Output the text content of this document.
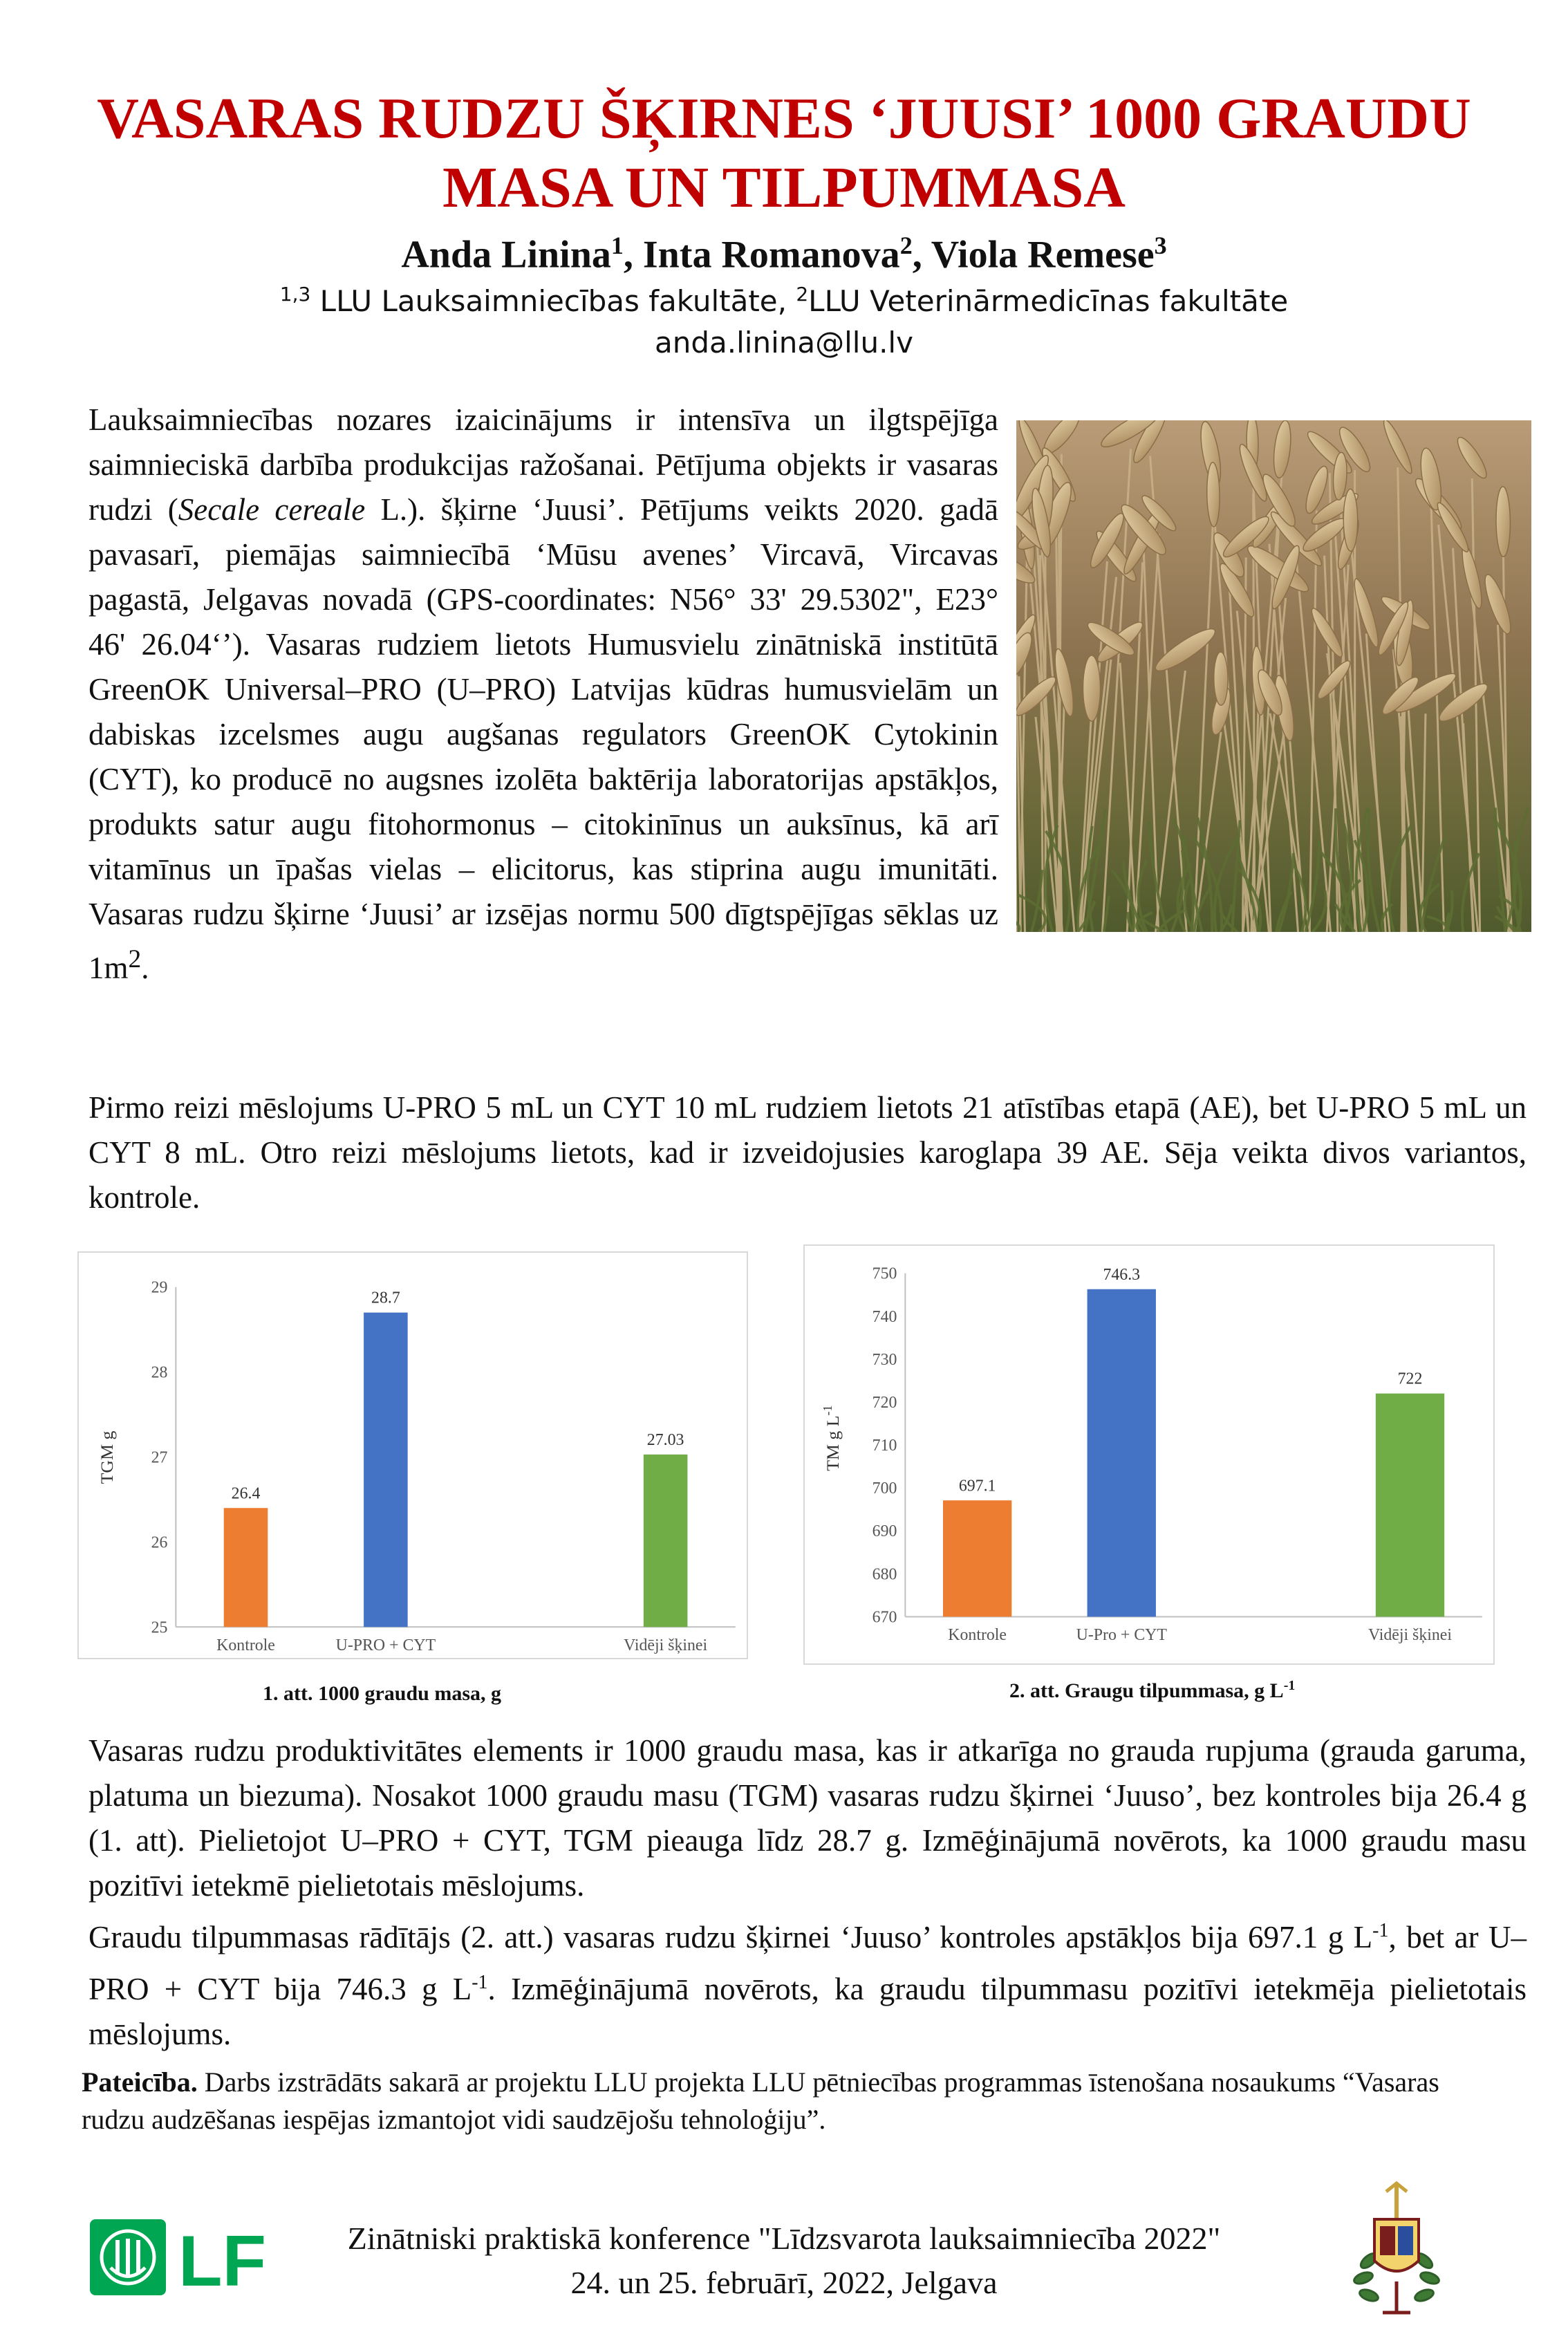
VASARAS RUDZU ŠĶIRNES ‘JUUSI’ 1000 GRAUDU MASA UN TILPUMMASA
Anda Linina$^1$, Inta Romanova$^2$, Viola Remese$^3$
$^{1,3}$ LLU Lauksaimniecības fakultāte, $^2$LLU Veterinārmedicīnas fakultāte
anda.linina@llu.lv

Lauksaimniecības nozares izaicinājums ir intensīva un ilgtspējīga saimnieciskā darbība produkcijas ražošanai. Pētījuma objekts ir vasaras rudzi (Secale cereale L.). šķirne ‘Juusi’. Pētījums veikts 2020. gadā pavasarī, piemājas saimniecībā ‘Mūsu avenes’ Vircavā, Vircavas pagastā, Jelgavas novadā (GPS-coordinates: N56° 33' 29.5302", E23° 46' 26.04‘’). Vasaras rudziem lietots Humusvielu zinātniskā institūtā GreenOK Universal–PRO (U–PRO) Latvijas kūdras humusvielām un dabiskas izcelsmes augu augšanas regulators GreenOK Cytokinin (CYT), ko producē no augsnes izolēta baktērija laboratorijas apstākļos, produkts satur augu fitohormonus – citokinīnus un auksīnus, kā arī vitamīnus un īpašas vielas – elicitorus, kas stiprina augu imunitāti. Vasaras rudzu šķirne ‘Juusi’ ar izsējas normu 500 dīgtspējīgas sēklas uz $1m^2$.

Pirmo reizi mēslojums U-PRO 5 mL un CYT 10 mL rudziem lietots 21 atīstības etapā (AE), bet U-PRO 5 mL un CYT 8 mL. Otro reizi mēslojums lietots, kad ir izveidojusies karoglapa 39 AE. Sēja veikta divos variantos, kontrole.
25
26
27
28
29
26.4
Kontrole
28.7
U-PRO + CYT
27.03
Vidēji šķinei
TGM g
1. att. 1000 graudu masa, g
670
680
690
700
710
720
730
740
750
697.1
Kontrole
746.3
U-Pro + CYT
722
Vidēji šķinei
TM g $L^{-1}$
2. att. Graugu tilpummasa, g $L^{-1}$

Vasaras rudzu produktivitātes elements ir 1000 graudu masa, kas ir atkarīga no grauda rupjuma (grauda garuma, platuma un biezuma). Nosakot 1000 graudu masu (TGM) vasaras rudzu šķirnei ‘Juuso’, bez kontroles bija 26.4 g (1. att). Pielietojot U–PRO + CYT, TGM pieauga līdz 28.7 g. Izmēģinājumā novērots, ka 1000 graudu masu pozitīvi ietekmē pielietotais mēslojums.

Graudu tilpummasas rādītājs (2. att.) vasaras rudzu šķirnei ‘Juuso’ kontroles apstākļos bija 697.1 g $L^{-1}$, bet ar U–PRO + CYT bija 746.3 g $L^{-1}$. Izmēģinājumā novērots, ka graudu tilpummasu pozitīvi ietekmēja pielietotais mēslojums.

Pateicība. Darbs izstrādāts sakarā ar projektu LLU projekta LLU pētniecības programmas īstenošana nosaukums “Vasaras rudzu audzēšanas iespējas izmantojot vidi saudzējošu tehnoloģiju”.
LF	Zinātniski praktiskā konference "Līdzsvarota lauksaimniecība 2022"
24. un 25. februārī, 2022, Jelgava
